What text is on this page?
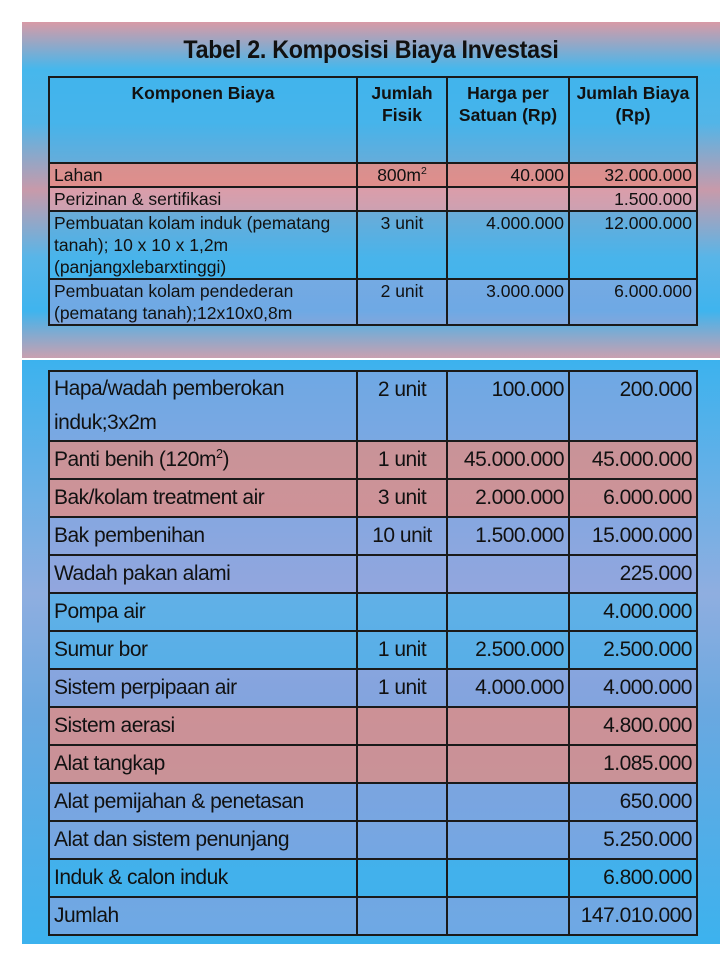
Tabel 2. Komposisi Biaya Investasi
Komponen Biaya	Jumlah Fisik	Harga per Satuan (Rp)	Jumlah Biaya (Rp)
Lahan	$800m^2$	40.000	32.000.000
Perizinan & sertifikasi			1.500.000
Pembuatan kolam induk (pematang tanah); 10 x 10 x 1,2m (panjangxlebarxtinggi)	3 unit	4.000.000	12.000.000
Pembuatan kolam pendederan (pematang tanah);12x10x0,8m	2 unit	3.000.000	6.000.000
Hapa/wadah pemberokan induk;3x2m	2 unit	100.000	200.000
Panti benih $(120m^2)$	1 unit	45.000.000	45.000.000
Bak/kolam treatment air	3 unit	2.000.000	6.000.000
Bak pembenihan	10 unit	1.500.000	15.000.000
Wadah pakan alami			225.000
Pompa air			4.000.000
Sumur bor	1 unit	2.500.000	2.500.000
Sistem perpipaan air	1 unit	4.000.000	4.000.000
Sistem aerasi			4.800.000
Alat tangkap			1.085.000
Alat pemijahan & penetasan			650.000
Alat dan sistem penunjang			5.250.000
Induk & calon induk			6.800.000
Jumlah			147.010.000
